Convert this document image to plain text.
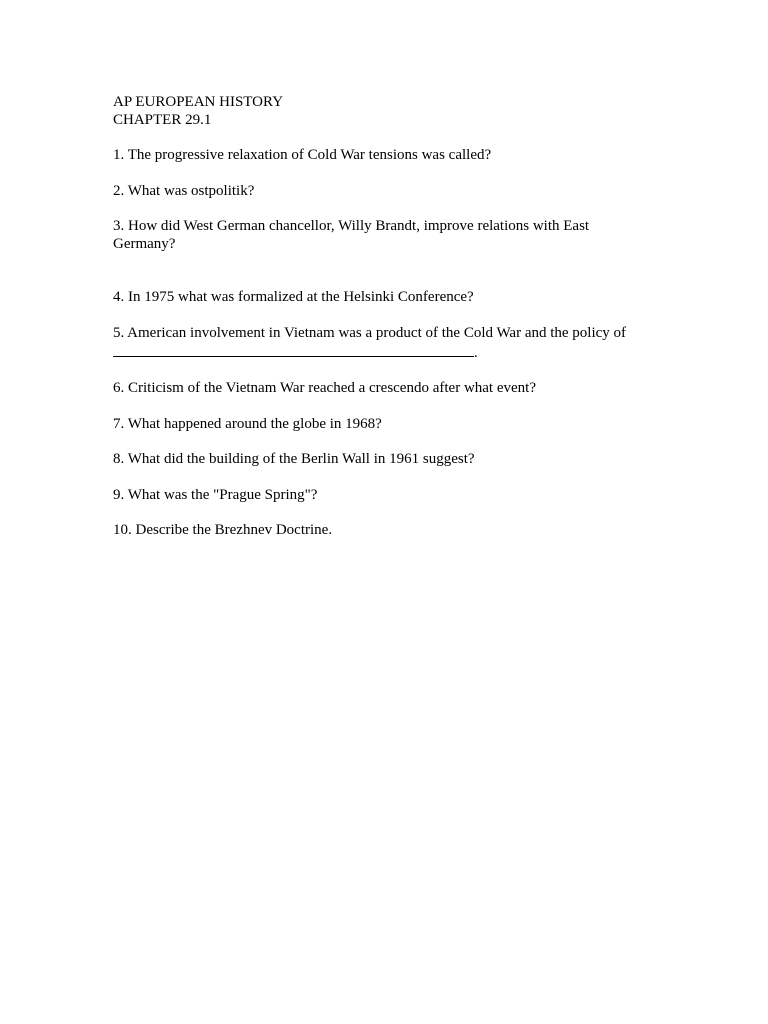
AP EUROPEAN HISTORY
CHAPTER 29.1
1. The progressive relaxation of Cold War tensions was called?
2. What was ostpolitik?
3. How did West German chancellor, Willy Brandt, improve relations with East Germany?
4. In 1975 what was formalized at the Helsinki Conference?
5. American involvement in Vietnam was a product of the Cold War and the policy of
.
6. Criticism of the Vietnam War reached a crescendo after what event?
7. What happened around the globe in 1968?
8. What did the building of the Berlin Wall in 1961 suggest?
9. What was the "Prague Spring"?
10. Describe the Brezhnev Doctrine.
